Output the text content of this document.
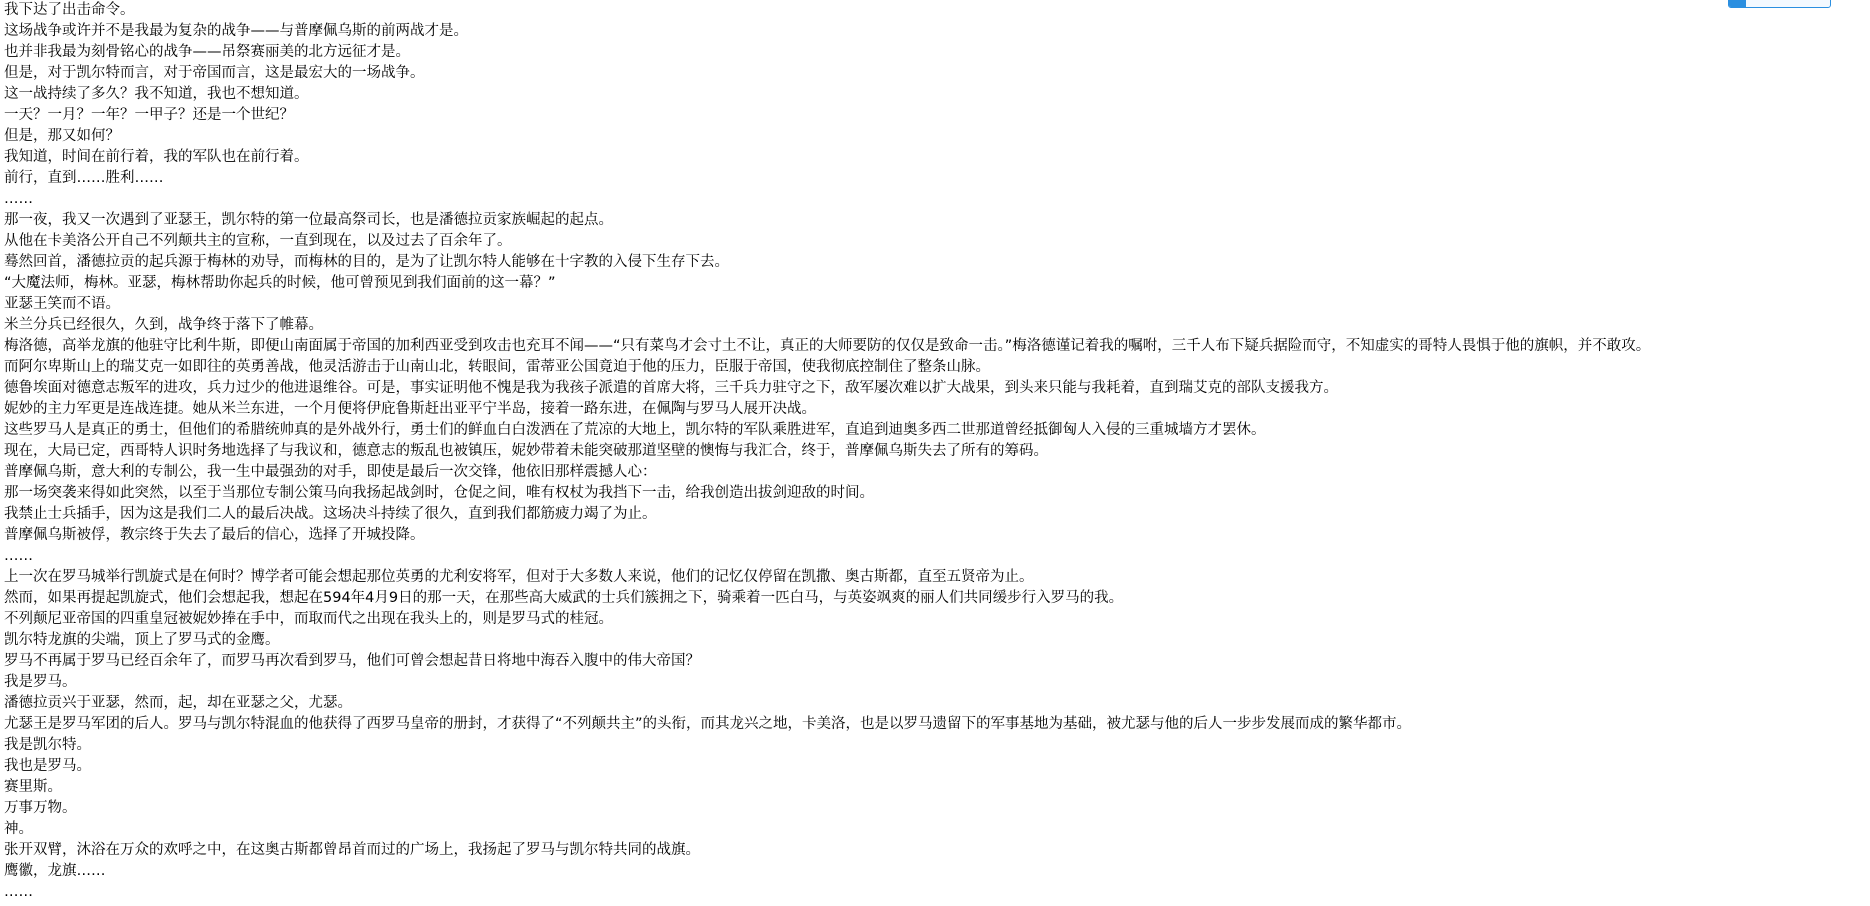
我下达了出击命令。
这场战争或许并不是我最为复杂的战争——与普摩佩乌斯的前两战才是。
也并非我最为刻骨铭心的战争——吊祭赛丽美的北方远征才是。
但是，对于凯尔特而言，对于帝国而言，这是最宏大的一场战争。
这一战持续了多久？我不知道，我也不想知道。
一天？一月？一年？一甲子？还是一个世纪？
但是，那又如何？
我知道，时间在前行着，我的军队也在前行着。
前行，直到……胜利……
……
那一夜，我又一次遇到了亚瑟王，凯尔特的第一位最高祭司长，也是潘德拉贡家族崛起的起点。
从他在卡美洛公开自己不列颠共主的宣称，一直到现在，以及过去了百余年了。
蓦然回首，潘德拉贡的起兵源于梅林的劝导，而梅林的目的，是为了让凯尔特人能够在十字教的入侵下生存下去。
“大魔法师，梅林。亚瑟，梅林帮助你起兵的时候，他可曾预见到我们面前的这一幕？”
亚瑟王笑而不语。
米兰分兵已经很久，久到，战争终于落下了帷幕。
梅洛德，高举龙旗的他驻守比利牛斯，即便山南面属于帝国的加利西亚受到攻击也充耳不闻——“只有菜鸟才会寸土不让，真正的大师要防的仅仅是致命一击。”梅洛德谨记着我的嘱咐，三千人布下疑兵据险而守，不知虚实的哥特人畏惧于他的旗帜，并不敢攻。
而阿尔卑斯山上的瑞艾克一如即往的英勇善战，他灵活游击于山南山北，转眼间，雷蒂亚公国竟迫于他的压力，臣服于帝国，使我彻底控制住了整条山脉。
德鲁埃面对德意志叛军的进攻，兵力过少的他进退维谷。可是，事实证明他不愧是我为我孩子派遣的首席大将，三千兵力驻守之下，敌军屡次难以扩大战果，到头来只能与我耗着，直到瑞艾克的部队支援我方。
妮妙的主力军更是连战连捷。她从米兰东进，一个月便将伊庇鲁斯赶出亚平宁半岛，接着一路东进，在佩陶与罗马人展开决战。
这些罗马人是真正的勇士，但他们的希腊统帅真的是外战外行，勇士们的鲜血白白泼洒在了荒凉的大地上，凯尔特的军队乘胜进军，直追到迪奥多西二世那道曾经抵御匈人入侵的三重城墙方才罢休。
现在，大局已定，西哥特人识时务地选择了与我议和，德意志的叛乱也被镇压，妮妙带着未能突破那道坚壁的懊悔与我汇合，终于，普摩佩乌斯失去了所有的筹码。
普摩佩乌斯，意大利的专制公，我一生中最强劲的对手，即使是最后一次交锋，他依旧那样震撼人心：
那一场突袭来得如此突然，以至于当那位专制公策马向我扬起战剑时，仓促之间，唯有权杖为我挡下一击，给我创造出拔剑迎敌的时间。
我禁止士兵插手，因为这是我们二人的最后决战。这场决斗持续了很久，直到我们都筋疲力竭了为止。
普摩佩乌斯被俘，教宗终于失去了最后的信心，选择了开城投降。
……
上一次在罗马城举行凯旋式是在何时？博学者可能会想起那位英勇的尤利安将军，但对于大多数人来说，他们的记忆仅停留在凯撒、奥古斯都，直至五贤帝为止。
然而，如果再提起凯旋式，他们会想起我，想起在594年4月9日的那一天，在那些高大威武的士兵们簇拥之下，骑乘着一匹白马，与英姿飒爽的丽人们共同缓步行入罗马的我。
不列颠尼亚帝国的四重皇冠被妮妙捧在手中，而取而代之出现在我头上的，则是罗马式的桂冠。
凯尔特龙旗的尖端，顶上了罗马式的金鹰。
罗马不再属于罗马已经百余年了，而罗马再次看到罗马，他们可曾会想起昔日将地中海吞入腹中的伟大帝国？
我是罗马。
潘德拉贡兴于亚瑟，然而，起，却在亚瑟之父，尤瑟。
尤瑟王是罗马军团的后人。罗马与凯尔特混血的他获得了西罗马皇帝的册封，才获得了“不列颠共主”的头衔，而其龙兴之地，卡美洛，也是以罗马遗留下的军事基地为基础，被尤瑟与他的后人一步步发展而成的繁华都市。
我是凯尔特。
我也是罗马。
赛里斯。
万事万物。
神。
张开双臂，沐浴在万众的欢呼之中，在这奥古斯都曾昂首而过的广场上，我扬起了罗马与凯尔特共同的战旗。
鹰徽，龙旗……
……
